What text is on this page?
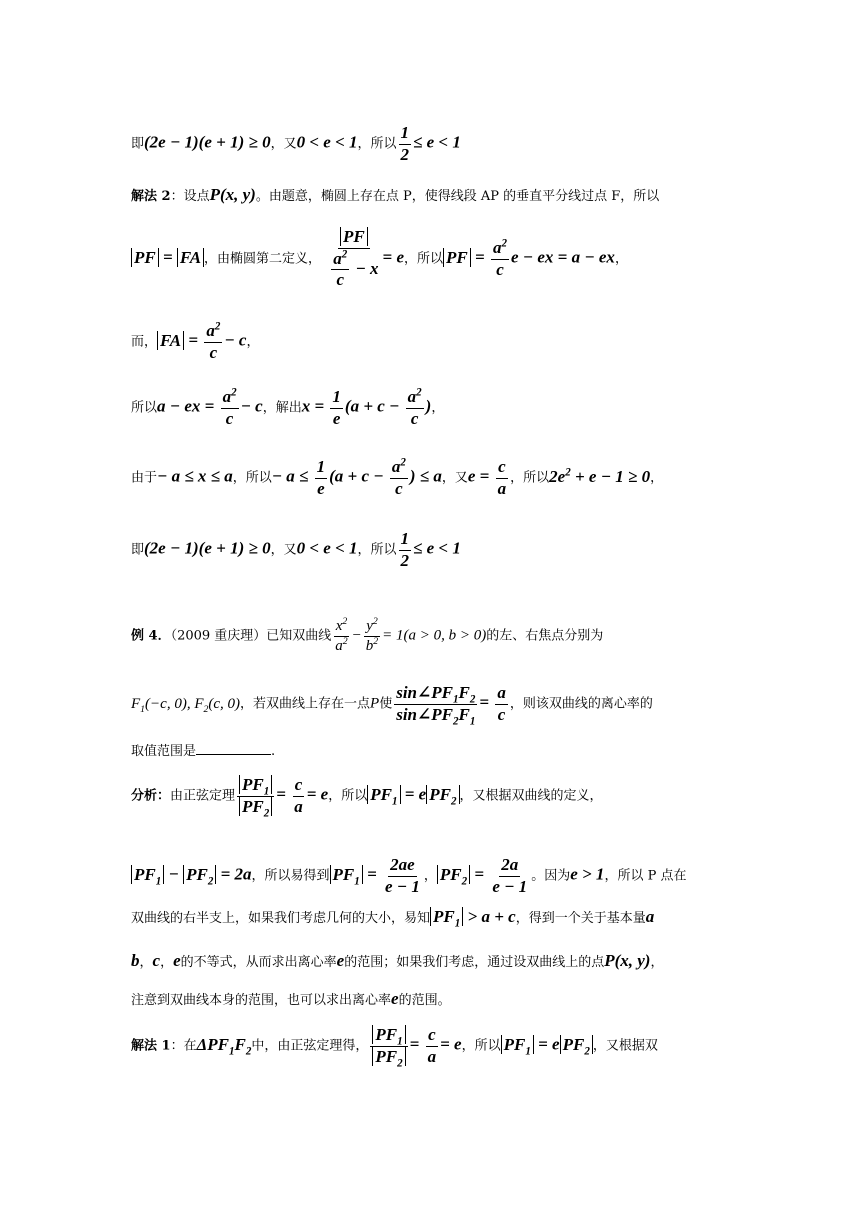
即(2e − 1)(e + 1) ≥ 0，又0 < e < 1，所以 $\frac{1}{2} \le e < 1$
解法 2：设点P(x, y)。由题意，椭圆上存在点 P，使得线段 AP 的垂直平分线过点 F，所以
PF = FA ，由椭圆第二定义， $\frac{PF}{\frac{a^2}{c} - x} = e$，所以 PF = $\frac{a^2}{c}$ e − ex = a − ex，
而， FA = $\frac{a^2}{c} - c$，
所以a − ex = $\frac{a^2}{c} - c$，解出$x = \frac{1}{e} (a + c - \frac{a^2}{c}$ )，
由于− a ≤ x ≤ a，所以− $a \le \frac{1}{e} (a + c - \frac{a^2}{c}$ ) ≤ a，又$e = \frac{c}{a}$ ，所以$2e^2 + e - 1 \ge 0$，
即(2e − 1)(e + 1) ≥ 0，又0 < e < 1，所以 $\frac{1}{2} \le e < 1$
例 4．（2009 重庆理）已知双曲线 $\frac{x^2}{a^2} - \frac{y^2}{b^2} = 1(a > 0$, b > 0)的左、右焦点分别为
$F_1(-c$, 0), $F_2(c$, 0)，若双曲线上存在一点P使 $\frac{\sin\angle PF_1F_2}{\sin\angle PF_2F_1} = \frac{a}{c}$ ，则该双曲线的离心率的
取值范围是	.
分析：由正弦定理 $\frac{PF_1}{PF_2} = \frac{c}{a} = e$，所以 $PF_1 = e$ $PF_2$ ，又根据双曲线的定义，
$PF_1 - PF_2 = 2a$，所以易得到 $PF_1 = \frac{2ae}{e - 1}$ ， $PF_2 = \frac{2a}{e - 1}$ 。因为e > 1，所以 P 点在
双曲线的右半支上，如果我们考虑几何的大小，易知 $PF_1 > a + c$，得到一个关于基本量a
b，c，e的不等式，从而求出离心率e的范围；如果我们考虑，通过设双曲线上的点P(x, y)，
注意到双曲线本身的范围，也可以求出离心率e的范围。
解法 1：在$\Delta PF_1F_2$中，由正弦定理得， $\frac{PF_1}{PF_2} = \frac{c}{a} = e$，所以 $PF_1 = e$ $PF_2$ ，又根据双
